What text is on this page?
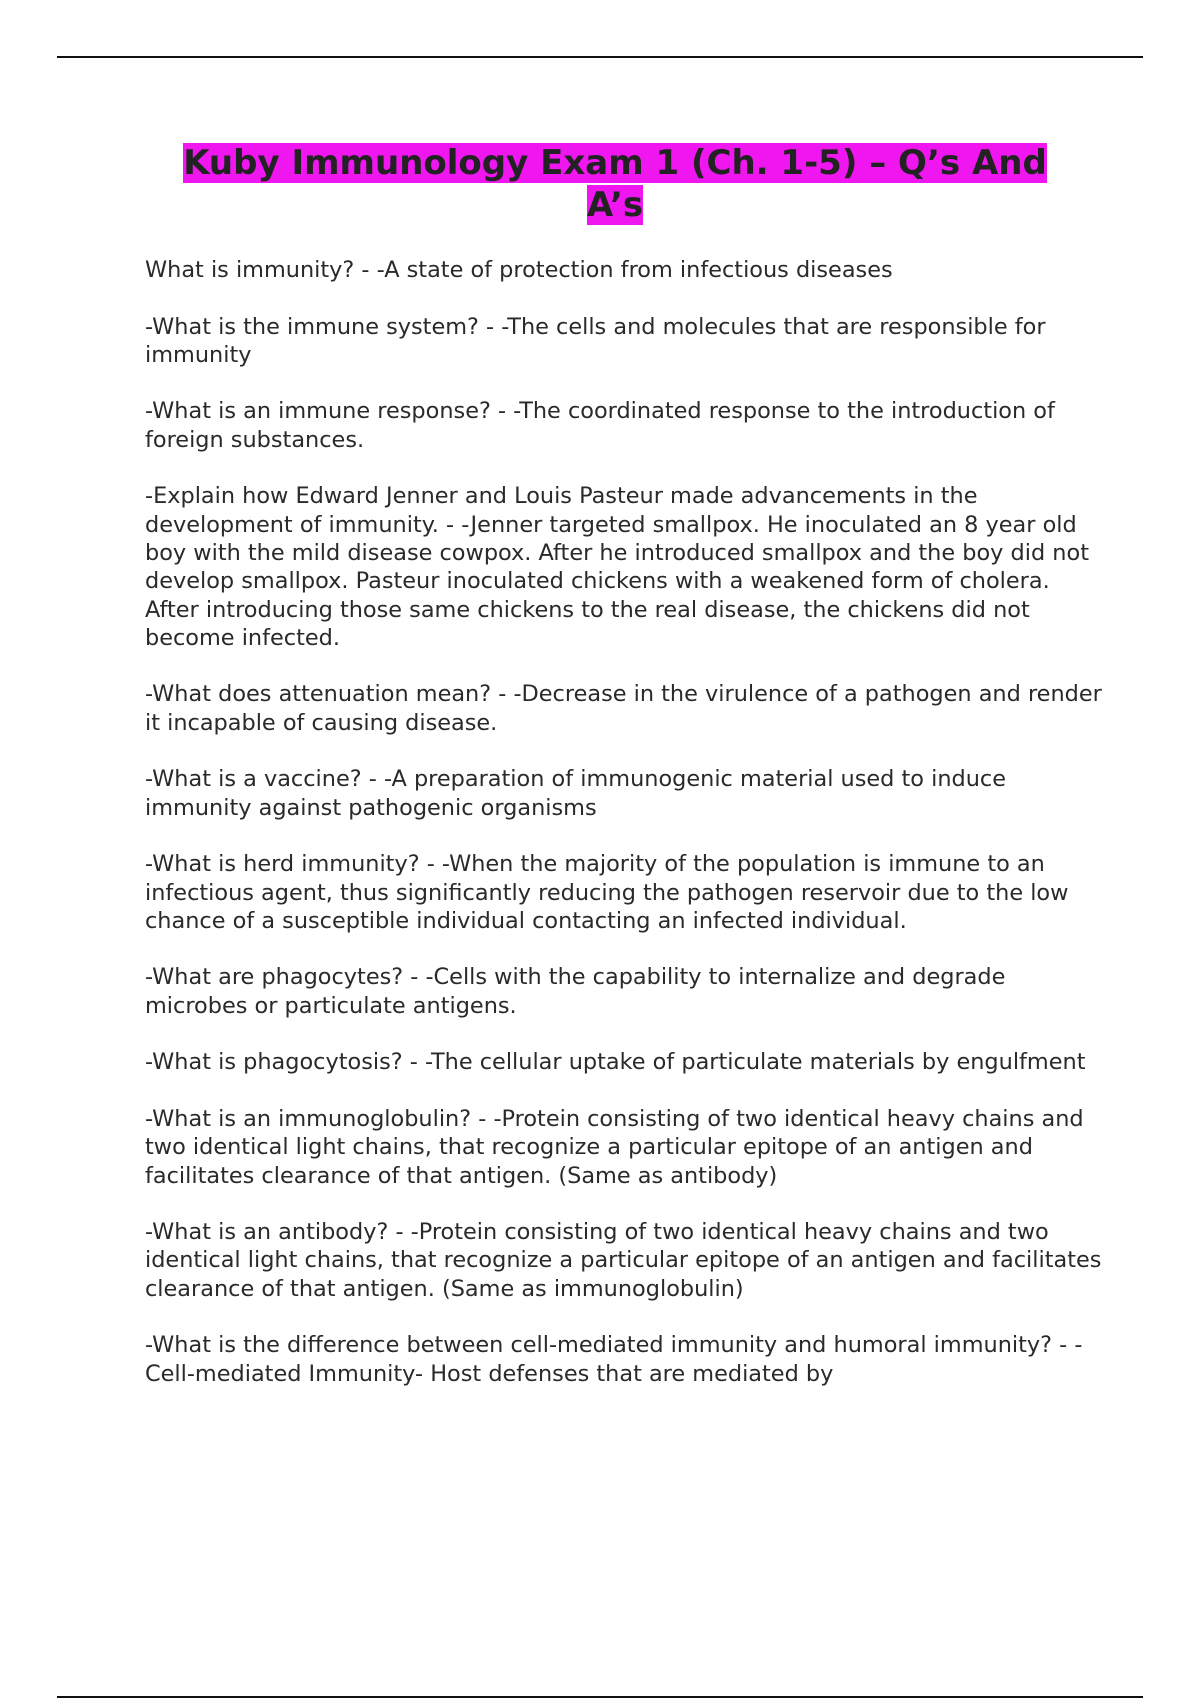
Kuby Immunology Exam 1 (Ch. 1-5) – Q’s And A’s

What is immunity? - -A state of protection from infectious diseases

-What is the immune system? - -The cells and molecules that are responsible for immunity

-What is an immune response? - -The coordinated response to the introduction of foreign substances.

-Explain how Edward Jenner and Louis Pasteur made advancements in the development of immunity. - -Jenner targeted smallpox. He inoculated an 8 year old boy with the mild disease cowpox. After he introduced smallpox and the boy did not develop smallpox. Pasteur inoculated chickens with a weakened form of cholera. After introducing those same chickens to the real disease, the chickens did not become infected.

-What does attenuation mean? - -Decrease in the virulence of a pathogen and render it incapable of causing disease.

-What is a vaccine? - -A preparation of immunogenic material used to induce immunity against pathogenic organisms

-What is herd immunity? - -When the majority of the population is immune to an infectious agent, thus significantly reducing the pathogen reservoir due to the low chance of a susceptible individual contacting an infected individual.

-What are phagocytes? - -Cells with the capability to internalize and degrade microbes or particulate antigens.

-What is phagocytosis? - -The cellular uptake of particulate materials by engulfment

-What is an immunoglobulin? - -Protein consisting of two identical heavy chains and two identical light chains, that recognize a particular epitope of an antigen and facilitates clearance of that antigen. (Same as antibody)

-What is an antibody? - -Protein consisting of two identical heavy chains and two identical light chains, that recognize a particular epitope of an antigen and facilitates clearance of that antigen. (Same as immunoglobulin)

-What is the difference between cell-mediated immunity and humoral immunity? - -Cell-mediated Immunity- Host defenses that are mediated by
